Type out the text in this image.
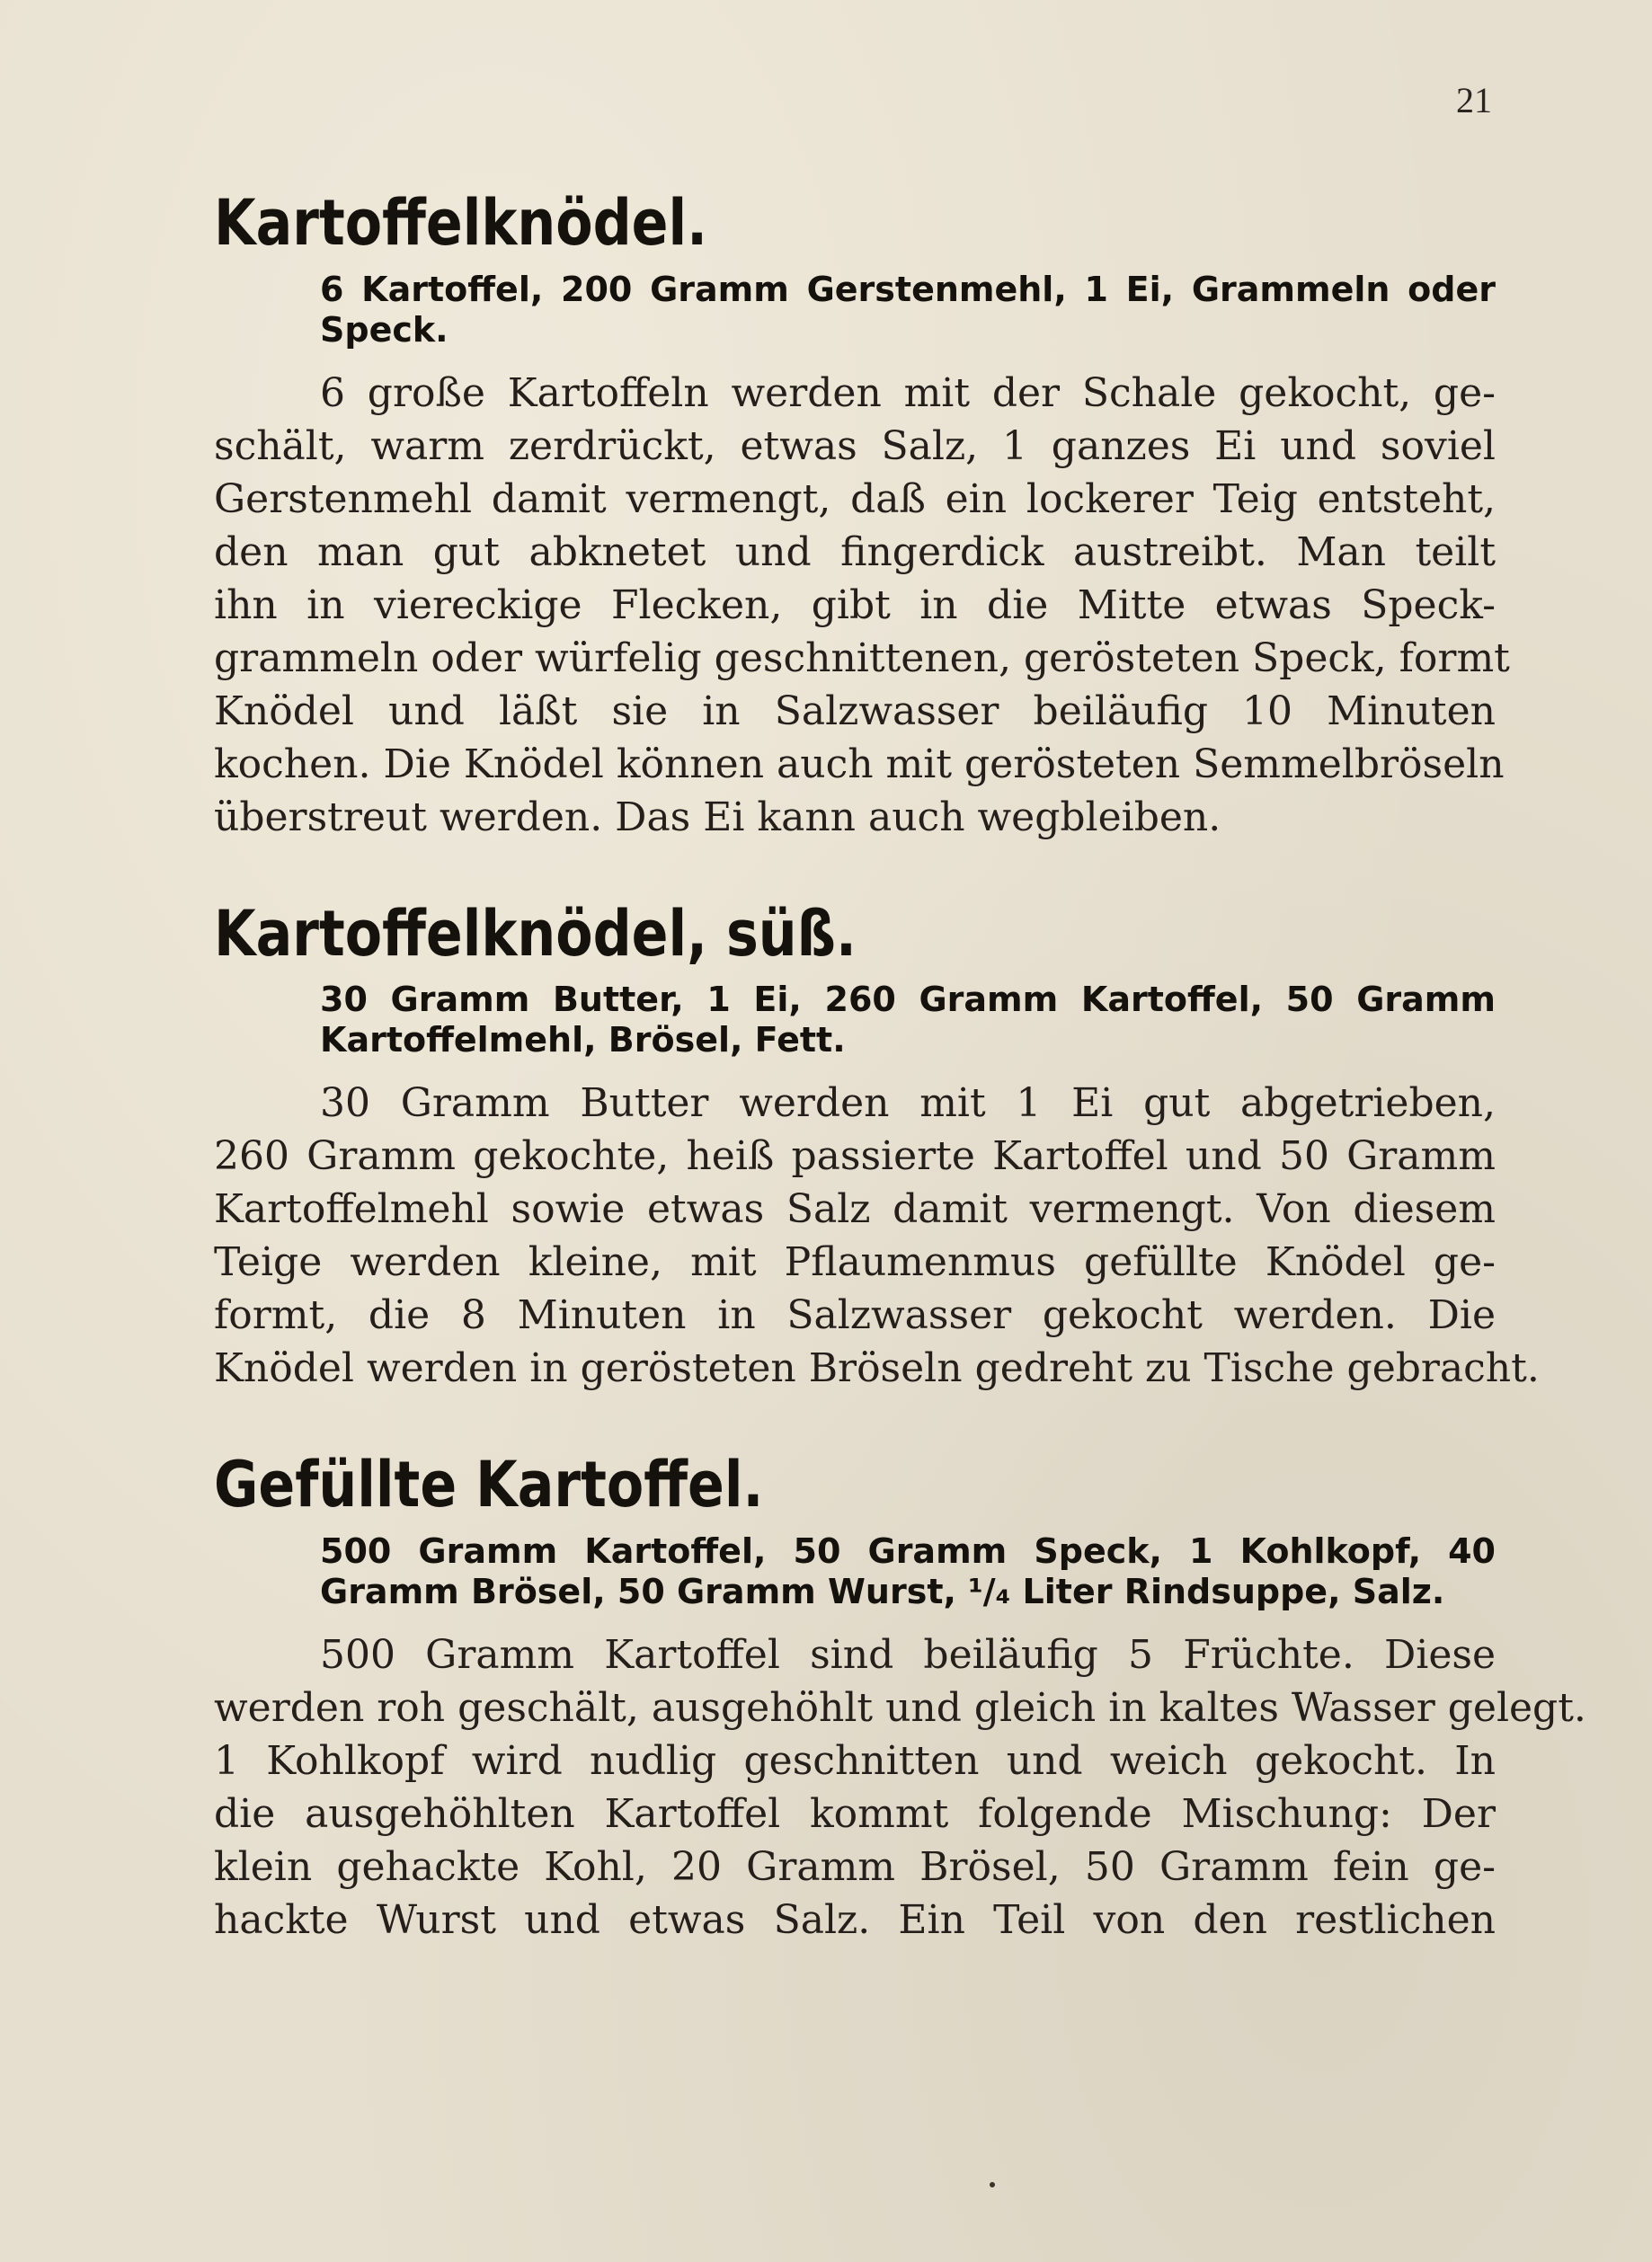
21
Kartoffelknödel.
6 Kartoffel, 200 Gramm Gerstenmehl, 1 Ei, Grammeln oder Speck.

6 große Kartoffeln werden mit der Schale gekocht, ge-
schält, warm zerdrückt, etwas Salz, 1 ganzes Ei und soviel
Gerstenmehl damit vermengt, daß ein lockerer Teig entsteht,
den man gut abknetet und fingerdick austreibt. Man teilt
ihn in viereckige Flecken, gibt in die Mitte etwas Speck-
grammeln oder würfelig geschnittenen, gerösteten Speck, formt
Knödel und läßt sie in Salzwasser beiläufig 10 Minuten
kochen. Die Knödel können auch mit gerösteten Semmelbröseln
überstreut werden. Das Ei kann auch wegbleiben.

Kartoffelknödel, süß.
30 Gramm Butter, 1 Ei, 260 Gramm Kartoffel, 50 Gramm Kartoffelmehl, Brösel, Fett.

30 Gramm Butter werden mit 1 Ei gut abgetrieben,
260 Gramm gekochte, heiß passierte Kartoffel und 50 Gramm
Kartoffelmehl sowie etwas Salz damit vermengt. Von diesem
Teige werden kleine, mit Pflaumenmus gefüllte Knödel ge-
formt, die 8 Minuten in Salzwasser gekocht werden. Die
Knödel werden in gerösteten Bröseln gedreht zu Tische gebracht.

Gefüllte Kartoffel.
500 Gramm Kartoffel, 50 Gramm Speck, 1 Kohlkopf, 40 Gramm Brösel, 50 Gramm Wurst, ¹/₄ Liter Rindsuppe, Salz.

500 Gramm Kartoffel sind beiläufig 5 Früchte. Diese
werden roh geschält, ausgehöhlt und gleich in kaltes Wasser gelegt.
1 Kohlkopf wird nudlig geschnitten und weich gekocht. In
die ausgehöhlten Kartoffel kommt folgende Mischung: Der
klein gehackte Kohl, 20 Gramm Brösel, 50 Gramm fein ge-
hackte Wurst und etwas Salz. Ein Teil von den restlichen
